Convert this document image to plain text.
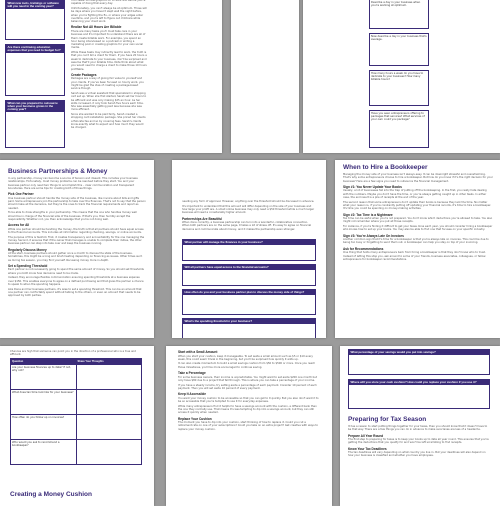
What new tools, trainings or software will you need in the coming year?
Are there continuing education expenses that you need to budget for?
What can you prepared to outsource when your business grows in the coming year?

You create 10 new graphics for a client and before you're capable of doing that every day.

Unfortunately, you can't always be at optimum. Those will be days where you haven't slept well the night before, when you're fighting the flu, or where your edges enter overtime, and you're left to figure out childcare while balancing your client work.

Realize Not All Hours Are Billable

There are many tasks you'll must take care in your business and it's important to understand there are all of them create billable work. For example, you spend an hour being interviewed on a podcast or writing a marketing post or creating graphics for your own social media.

While these tasks may indirectly lead to work, the truth is that you can't bill a client for them. If you have 20 hours a week to dedicate to your business, don't be surprised and assume that'll your billable time. Note think about what you would need to charge a client to make those 10 hours profitable.

Create Packages

Packages are a way of giving fair value to yourself and your clients. If you've been focused on hourly work, you might be glad the idea of creating a package-based service though.

Sarah was a virtual assistant that specialized in shopping cart set up. When she first started, Sarah set her hours to be efficient and was only making $25 an hour. As her skills increased, it only took Sarah five hours each time. She was essentially getting paid less because she was more efficient.

Since she wanted to be paid fairly, Sarah created a shopping cart installation package. She priced her clients a flat-rate fee and so by covering fees. Sarah's clients know exactly what to expect and how much they would be charged.

Describe a day in your business when you're working at optimum.
Now describe a day in your business that's average.
How many hours a week do you have to dedicate to your business? How many billable hours?
Have you seen entrepreneurs offering to packages that services? What services of your own could you package?
Business Partnerships & Money

In any partnership, money can become a source of tension and dissent. This includes your business relationships. Fortunately, most money problems can be resolved before they start. You and your business partner only need two things to accomplish this – clear communication and transparent boundaries. Here are some tips for creating both of those things.

Pick One Partner

One business partner should handle the money side of the business, like invoice about bills and gifts paid. Some entrepreneurs join the partnership to take over the finances. That's not to say that the person should make all the decisions, but they're the ones to track the financial requirements and report as needed.

To be able to draw strengths in your partnership. This means that the one who handles money well should be in charge of the financial side of the business. If that's you, then humbly accept the responsibility. Whether not, you then acknowledge that you're not doing well.

Access for All

While one partner should be handling the money, the truth is that all partners should have equal access to the financial accounts. This includes all information regarding checking, savings, or online accounts.

The purpose of this is twofold. First, it creates transparency and accountability for the one managing the money. Second, it ensures that if the owner that manages is unable to complete their duties, the other business partner can step into take over and keep the business running.

Regularly Discuss Money

At the start, business partners should gather once a month to discuss the state of the business. Sometimes, this might be a long and brief meeting depending on financing as issues. Other times such as during tax season, you may find yourself discussing money more in-depth.

Set a Spending Threshold

Each partner is not necessarily going to spend the same amount of money. So you should set thresholds where you both know how decisions need to be made.

Instead, they encourage flexible communication ensuring spending thresholds at a business expense over $150. This enables everyone to agree on a defined purchasing and that gives the partner a chance to speak to when the spending happens.

Like Dana and her business partners, it's wise to set a spending threshold. This can be an amount that one partner can comfortably spend without talking to the others, or even an amount that needs to be approved by both parties.

needing any form of approval. However, anything over the threshold should be discussed in advance.

It's important to understand that this amount will differ depending on the size of your business and how large your profit are. A small online business may only need a $50 threshold while a much larger business will need a considerably higher amount.

Partnerships Are Beautiful

When done correctly, a business partnership can turn into a wonderful, collaborative connection. When both partners are on the same page, it takes a lot of stress off. It's easy to agree on financial decisions and communicate about money, and it makes the partnership even stronger.

What partner will manage the finances in your business?
Will all partners have equal access to the financial accounts?
How often do you and your business partner plan to discuss the money side of things?
What's the spending threshold in your business?
When to Hire a Bookkeeper

Managing the money side of your business isn't always easy. It can be downright stressful and overwhelming. That's why some entrepreneurs choose to hire a bookkeeper. But how do you know if it's the right decision for your business? Here are a few signs you need to outsource the financial management.

Sign #1: You Never Update Your Books

Usually, a lot of businesses fall into the trap of putting off the bookkeeping. In the first, you really hate dealing with the numbers. Maybe you don't have the time, or you're always getting caught up in other tasks. In either case, the end result is a pile of receipts at the end of the year.

The second reason that some entrepreneurs don't update their books is because they lack the time. No matter what your reason is, if you're constantly putting off updating your financial records, it's time to hire a bookkeeper. It's time you could be spending on money-making activities.

Sign #2: Tax Time is a Nightmare

Tax time can be awful when you're not prepared. You don't know which deductions you're allowed to take. You also might not remember where you put all those receipts.

For instance, if you're finding it difficult to get your taxes done each year, you should consider hiring a bookkeeper who knows how to set up your books. You may also be able to find one that focuses on your specific industry.

Sign #3: You're Always Late On Invoices

Another common sign that it's time for a bookkeeper is that you're always late on invoices. This could be due to being too busy or forgetting to send them out. A bookkeeper can help you stay on top of your invoicing.

Ask for Recommendations

One thing that holds many entrepreneurs back from hiring a bookkeeper is that they don't know who to trust. Instead of letting this stop you, ask around to some of your friends, business associates, colleagues, or fellow entrepreneurs for bookkeeper recommendations.

Chances are high that someone can point you in the direction of a professional who is a true and efficient.

Question	Share Your Thoughts
Are your business finances up to date? If not, why not?	
What does tax time look like for your business?	
How often do you follow up on invoices?	
Who would you ask to recommend a bookkeeper?	
Creating a Money Cushion

Start with a Small Amount

When you start your cushion, keep it manageable. To set aside a small amount such as $5 or $10 every week, this could seem trivial in the beginning, but you'll be surprised how quickly it adds up.

It can also create momentum to build a small savings cushion from $50 to $500 or more. Once you reach those milestones, you'll be more encouraged to continue saving.

Take a Percentage

For some business owners, their income is unpredictable. You might want to set aside $200 one month but only have $80 due to a project that fell through. This is where you can take a percentage of your income.

If you have a steady income, try setting aside a percentage of each payment. Consider 10 percent of each payment. Then you will set aside 10 percent of every payment.

Keep It Accessible

You want your money cushion to be accessible so that you can get to it quickly. But you also don't want it to be so accessible that you're tempted to use it for everyday expenses.

While many entrepreneurs find it helpful to have a savings account with the cushion, a different bank than the one they normally use. That means it's less tempting to dip into a savings account, but they can still access it quickly when needed.

Replace Your Cushion

The moment you have to dip into your cushion, start thinking of how to replace it. Could you cut a retirement rate on one of your subscriptions? Could you take on an extra project? Get creative with ways to replace your money cushion.

What percentage of your savings would you put into savings?
Where will you store your cash cushion? How could you replace your cushion if you use it?
Preparing for Tax Season

It has a reason to start putting things together for your taxes, then you should know that it doesn't have to be that way. There are a few things you can do in advance to make sure taxes are less of a headache.

Prepare All Year Round

The first step to preparing for taxes is to keep your books up to date all year round. This ensures that you're getting the deductions that you qualify for and won't be left scrambling to find receipts.

Know Your Tax Deadlines

The tax deadlines will vary depending on what country you live in. But your deadlines will also depend on how your business is classified and whether you have employees.
